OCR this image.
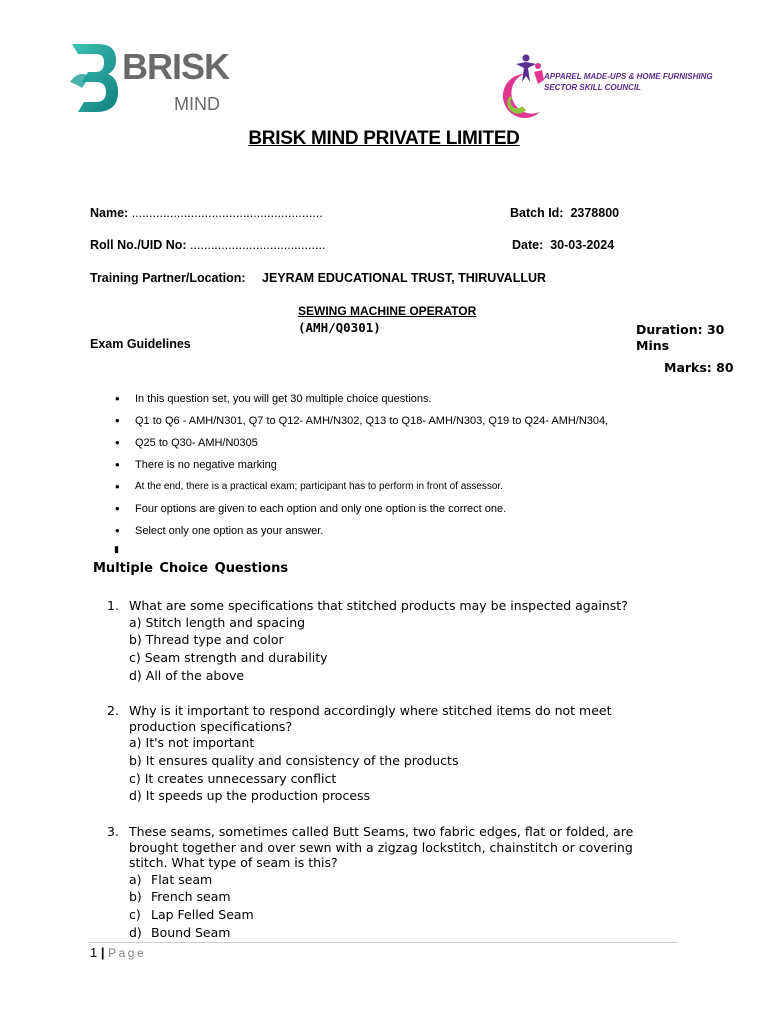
BRISK
MIND
APPAREL MADE-UPS & HOME FURNISHING
SECTOR SKILL COUNCIL
BRISK MIND PRIVATE LIMITED
Name: .......................................................	Batch Id: 2378800
Roll No./UID No: .......................................	Date: 30-03-2024
Training Partner/Location: JEYRAM EDUCATIONAL TRUST, THIRUVALLUR
SEWING MACHINE OPERATOR
(AMH/Q0301)	Duration: 30 Mins
Marks: 80
Exam Guidelines
• In this question set, you will get 30 multiple choice questions.
• Q1 to Q6 - AMH/N301, Q7 to Q12- AMH/N302, Q13 to Q18- AMH/N303, Q19 to Q24- AMH/N304,
• Q25 to Q30- AMH/N0305
• There is no negative marking
• At the end, there is a practical exam; participant has to perform in front of assessor.
• Four options are given to each option and only one option is the correct one.
• Select only one option as your answer.
▮
Multiple Choice Questions
1. What are some specifications that stitched products may be inspected against?
a) Stitch length and spacing
b) Thread type and color
c) Seam strength and durability
d) All of the above
2. Why is it important to respond accordingly where stitched items do not meet production specifications?
a) It's not important
b) It ensures quality and consistency of the products
c) It creates unnecessary conflict
d) It speeds up the production process
3. These seams, sometimes called Butt Seams, two fabric edges, flat or folded, are brought together and over sewn with a zigzag lockstitch, chainstitch or covering stitch. What type of seam is this?
a) Flat seam
b) French seam
c) Lap Felled Seam
d) Bound Seam
1 | Page
